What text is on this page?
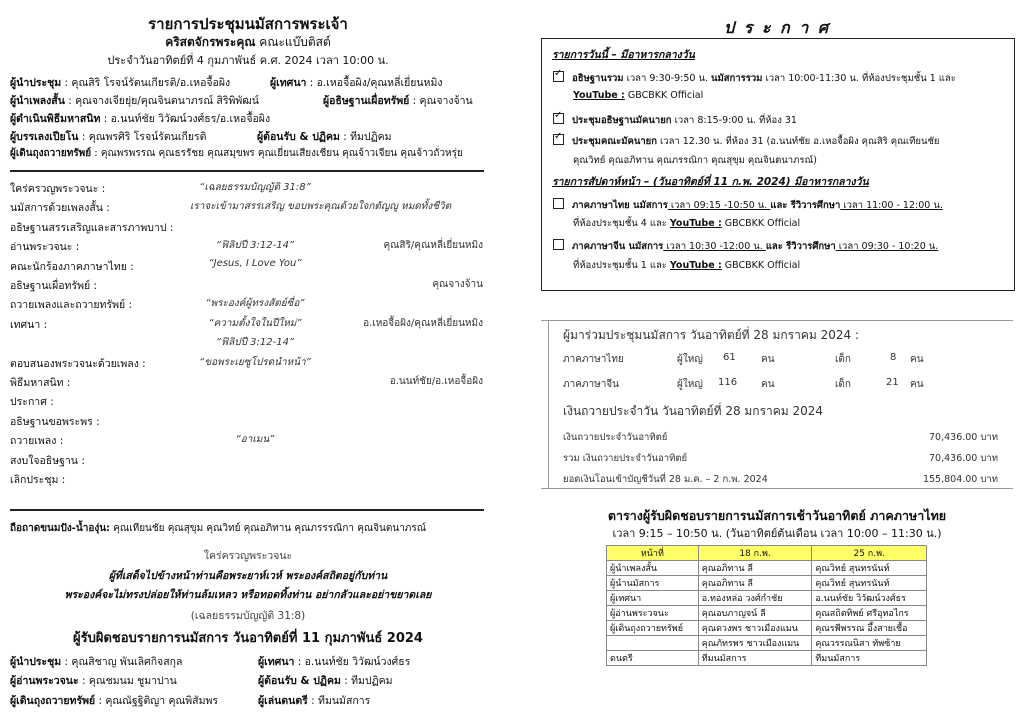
รายการประชุมนมัสการพระเจ้า
คริสตจักรพระคุณ คณะแบ๊บติสต์
ประจำวันอาทิตย์ที่ 4 กุมภาพันธ์ ค.ศ. 2024 เวลา 10:00 น.
ผู้นำประชุม : คุณสิริ โรจน์รัตนเกียรติ/อ.เหอจื้อผิง	ผู้เทศนา : อ.เหอจื้อผิง/คุณหลี่เยี่ยนหมิง
ผู้นำเพลงสั้น : คุณจางเจียยุ่ย/คุณจินตนาภรณ์ สิริพิพัฒน์	ผู้อธิษฐานเผื่อทรัพย์ : คุณจางจ้าน
ผู้ดำเนินพิธีมหาสนิท : อ.นนท์ชัย วิวัฒน์วงศ์ธร/อ.เหอจื้อผิง
ผู้บรรเลงเปียโน : คุณพรศิริ โรจน์รัตนเกียรติ	ผู้ต้อนรับ & ปฏิคม : ทีมปฏิคม
ผู้เดินถุงถวายทรัพย์ : คุณพรพรรณ คุณธรรัชย คุณสมุขพร คุณเยี่ยนเสียงเชียน คุณจ้าวเจียน คุณจ้าวถั่วหรุ่ย
ใคร่ครวญพระวจนะ :	“เฉลยธรรมบัญญัติ 31:8”
นมัสการด้วยเพลงสั้น :	เราจะเข้ามาสรรเสริญ ขอบพระคุณด้วยใจกตัญญู หมดทั้งชีวิต
อธิษฐานสรรเสริญและสารภาพบาป :
อ่านพระวจนะ :	“ฟิลิปปี 3:12-14”	คุณสิริ/คุณหลี่เยี่ยนหมิง
คณะนักร้องภาคภาษาไทย :	“Jesus, I Love You”
อธิษฐานเผื่อทรัพย์ :	คุณจางจ้าน
ถวายเพลงและถวายทรัพย์ :	“พระองค์ผู้ทรงสัตย์ซื่อ”
เทศนา :	“ความตั้งใจในปีใหม่”	อ.เหอจื้อผิง/คุณหลี่เยี่ยนหมิง
“ฟิลิปปี 3:12-14”
ตอบสนองพระวจนะด้วยเพลง :	“ขอพระเยซูโปรดนำหน้า”
พิธีมหาสนิท :	อ.นนท์ชัย/อ.เหอจื้อผิง
ประกาศ :
อธิษฐานขอพระพร :
ถวายเพลง :	“อาเมน”
สงบใจอธิษฐาน :
เลิกประชุม :
ถือถาดขนมปัง-น้ำองุ่น: คุณเทียนชัย คุณสุขุม คุณวิทย์ คุณอภิทาน คุณภรรรณิกา คุณจินตนาภรณ์
ใคร่ครวญพระวจนะ
ผู้ที่เสด็จไปข้างหน้าท่านคือพระยาห์เวห์ พระองค์สถิตอยู่กับท่าน
พระองค์จะไม่ทรงปล่อยให้ท่านล้มเหลว หรือทอดทิ้งท่าน อย่ากลัวและอย่าขยาดเลย
(เฉลยธรรมบัญญัติ 31:8)
ผู้รับผิดชอบรายการนมัสการ วันอาทิตย์ที่ 11 กุมภาพันธ์ 2024
ผู้นำประชุม : คุณสิชาญ พันเลิศกิจสกุล	ผู้เทศนา : อ.นนท์ชัย วิวัฒน์วงศ์ธร
ผู้อ่านพระวจนะ : คุณชมนม ชูมาปาน	ผู้ต้อนรับ & ปฏิคม : ทีมปฏิคม
ผู้เดินถุงถวายทรัพย์ : คุณณัฐฐิติญา คุณพิสัมพร	ผู้เล่นดนตรี : ทีมนมัสการ
ป ร ะ ก า ศ
รายการวันนี้ – มีอาหารกลางวัน
✓อธิษฐานรวม เวลา 9:30-9:50 น. นมัสการรวม เวลา 10:00-11:30 น. ที่ห้องประชุมชั้น 1 และ
YouTube : GBCBKK Official
✓ประชุมอธิษฐานมัคนายก เวลา 8:15-9:00 น. ที่ห้อง 31
✓ประชุมคณะมัคนายก เวลา 12.30 น. ที่ห้อง 31 (อ.นนท์ชัย อ.เหอจื้อผิง คุณสิริ คุณเทียนชัย
คุณวิทย์ คุณอภิทาน คุณภรรณิกา คุณสุขุม คุณจินตนาภรณ์)
รายการสัปดาห์หน้า – (วันอาทิตย์ที่ 11 ก.พ. 2024) มีอาหารกลางวัน
ภาคภาษาไทย นมัสการ เวลา 09:15 -10:50 น. และ รีวิวารศึกษา เวลา 11:00 - 12:00 น.
ที่ห้องประชุมชั้น 4 และ YouTube : GBCBKK Official
ภาคภาษาจีน นมัสการ เวลา 10:30 -12:00 น. และ รีวิวารศึกษา เวลา 09:30 - 10:20 น.
ที่ห้องประชุมชั้น 1 และ YouTube : GBCBKK Official
ผู้มาร่วมประชุมนมัสการ วันอาทิตย์ที่ 28 มกราคม 2024 :
ภาคภาษาไทย	ผู้ใหญ่ 61	คน	เด็ก	8 คน
ภาคภาษาจีน	ผู้ใหญ่ 116 คน	เด็ก	21 คน
เงินถวายประจำวัน วันอาทิตย์ที่ 28 มกราคม 2024
เงินถวายประจำวันอาทิตย์	70,436.00 บาท
รวม เงินถวายประจำวันอาทิตย์	70,436.00 บาท
ยอดเงินโอนเข้าบัญชีวันที่ 28 ม.ค. – 2 ก.พ. 2024	155,804.00 บาท
ตารางผู้รับผิดชอบรายการนมัสการเช้าวันอาทิตย์ ภาคภาษาไทย
เวลา 9:15 – 10:50 น. (วันอาทิตย์ต้นเดือน เวลา 10:00 – 11:30 น.)
หน้าที่	18 ก.พ.	25 ก.พ.
ผู้นำเพลงสั้น	คุณอภิทาน ลี	คุณวิทย์ สุนทรนันท์
ผู้นำนมัสการ	คุณอภิทาน ลี	คุณวิทย์ สุนทรนันท์
ผู้เทศนา	อ.ทองหล่อ วงศ์กำชัย	อ.นนท์ชัย วิวัฒน์วงศ์ธร
ผู้อ่านพระวจนะ	คุณอบภาญจน์ ลี	คุณสถิตทิพย์ ศรีอุทอไกร
ผู้เดินถุงถวายทรัพย์	คุณดวงพร ชาวเมืองแมน	คุณรพีพรรณ อึ้งสายเชื้อ
	คุณภัทรพร ชาวเมืองแมน	คุณวรรณนิสา ทัพซ้าย
ดนตรี	ทีมนมัสการ	ทีมนมัสการ
